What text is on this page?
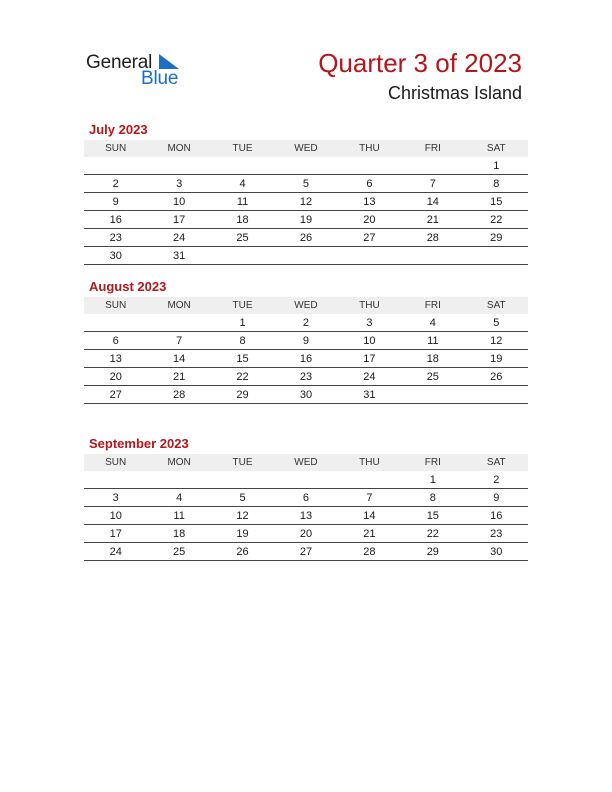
General
Blue
Quarter 3 of 2023
Christmas Island
July 2023
SUN	MON	TUE	WED	THU	FRI	SAT
						1
2	3	4	5	6	7	8
9	10	11	12	13	14	15
16	17	18	19	20	21	22
23	24	25	26	27	28	29
30	31					
August 2023
SUN	MON	TUE	WED	THU	FRI	SAT
		1	2	3	4	5
6	7	8	9	10	11	12
13	14	15	16	17	18	19
20	21	22	23	24	25	26
27	28	29	30	31		
September 2023
SUN	MON	TUE	WED	THU	FRI	SAT
					1	2
3	4	5	6	7	8	9
10	11	12	13	14	15	16
17	18	19	20	21	22	23
24	25	26	27	28	29	30
